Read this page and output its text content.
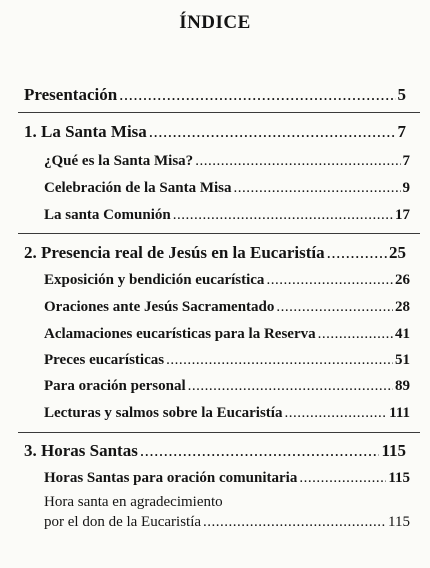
ÍNDICE
Presentación .....	5
1. La Santa Misa .....	7
¿Qué es la Santa Misa? .....	7
Celebración de la Santa Misa .....	9
La santa Comunión .....	17
2. Presencia real de Jesús en la Eucaristía .....	25
Exposición y bendición eucarística .....	26
Oraciones ante Jesús Sacramentado .....	28
Aclamaciones eucarísticas para la Reserva .....	41
Preces eucarísticas .....	51
Para oración personal .....	89
Lecturas y salmos sobre la Eucaristía .....	111
3. Horas Santas .....	115
Horas Santas para oración comunitaria .....	115
Hora santa en agradecimiento
por el don de la Eucaristía .....	115
